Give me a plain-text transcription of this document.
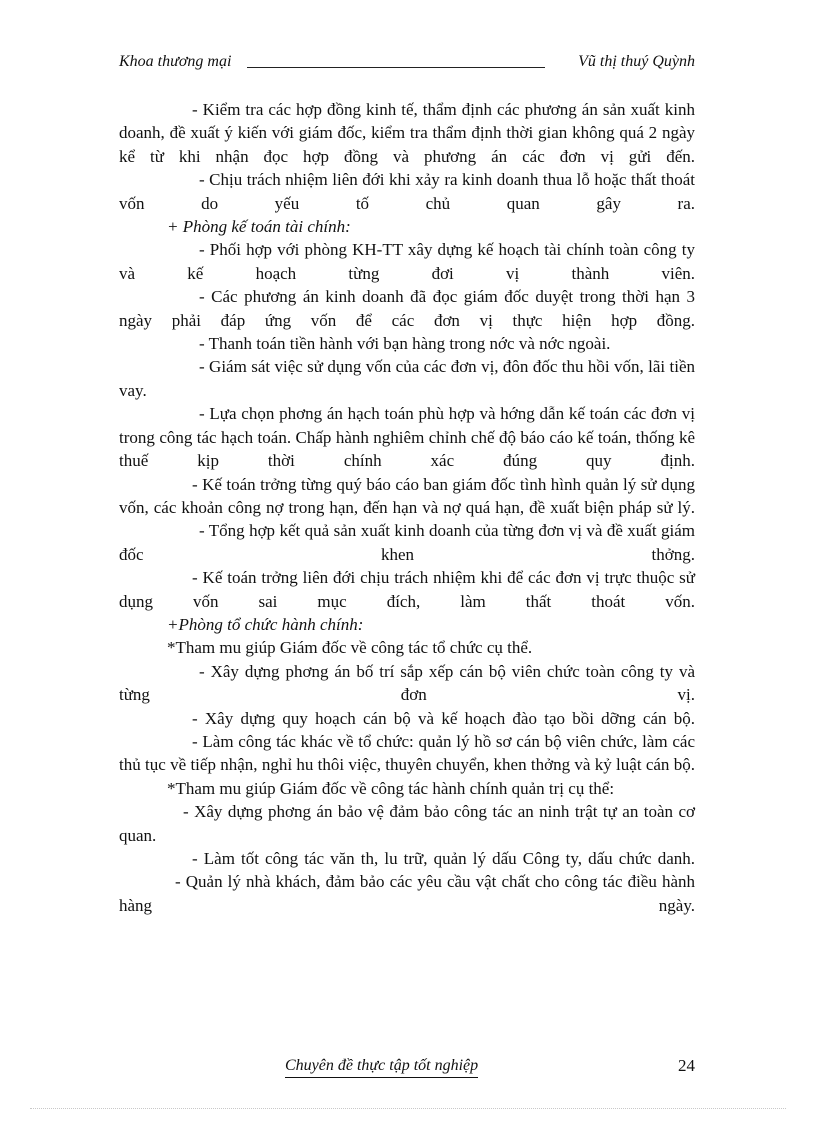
Khoa thương mại	Vũ thị thuý Quỳnh

- Kiểm tra các hợp đồng kinh tế, thẩm định các phương án sản xuất kinh doanh, đề xuất ý kiến với giám đốc, kiểm tra thẩm định thời gian không quá 2 ngày kể từ khi nhận đọc hợp đồng và phương án các đơn vị gửi đến.

- Chịu trách nhiệm liên đới khi xảy ra kinh doanh thua lỗ hoặc thất thoát vốn do yếu tố chủ quan gây ra.

+ Phòng kế toán tài chính:

- Phối hợp với phòng KH-TT xây dựng kế hoạch tài chính toàn công ty và kế hoạch từng đơi vị thành viên.

- Các phương án kinh doanh đã đọc giám đốc duyệt trong thời hạn 3 ngày phải đáp ứng vốn để các đơn vị thực hiện hợp đồng.

- Thanh toán tiền hành với bạn hàng trong nớc và nớc ngoài.

- Giám sát việc sử dụng vốn của các đơn vị, đôn đốc thu hồi vốn, lãi tiền vay.

- Lựa chọn phơng án hạch toán phù hợp và hớng dẫn kế toán các đơn vị trong công tác hạch toán. Chấp hành nghiêm chỉnh chế độ báo cáo kế toán, thống kê thuế kịp thời chính xác đúng quy định.

- Kế toán trởng từng quý báo cáo ban giám đốc tình hình quản lý sử dụng vốn, các khoản công nợ trong hạn, đến hạn và nợ quá hạn, đề xuất biện pháp sử lý.

- Tổng hợp kết quả sản xuất kinh doanh của từng đơn vị và đề xuất giám đốc khen thởng.

- Kế toán trởng liên đới chịu trách nhiệm khi để các đơn vị trực thuộc sử dụng vốn sai mục đích, làm thất thoát vốn.

+Phòng tổ chức hành chính:

*Tham mu giúp Giám đốc về công tác tổ chức cụ thể.

- Xây dựng phơng án bố trí sắp xếp cán bộ viên chức toàn công ty và từng đơn vị.

- Xây dựng quy hoạch cán bộ và kế hoạch đào tạo bồi dỡng cán bộ.

- Làm công tác khác về tổ chức: quản lý hồ sơ cán bộ viên chức, làm các thủ tục về tiếp nhận, nghỉ hu thôi việc, thuyên chuyển, khen thởng và kỷ luật cán bộ.

*Tham mu giúp Giám đốc về công tác hành chính quản trị cụ thể:

- Xây dựng phơng án bảo vệ đảm bảo công tác an ninh trật tự an toàn cơ quan.

- Làm tốt công tác văn th, lu trữ, quản lý dấu Công ty, dấu chức danh.

- Quản lý nhà khách, đảm bảo các yêu cầu vật chất cho công tác điều hành hàng ngày.

Chuyên đề thực tập tốt nghiệp	24
